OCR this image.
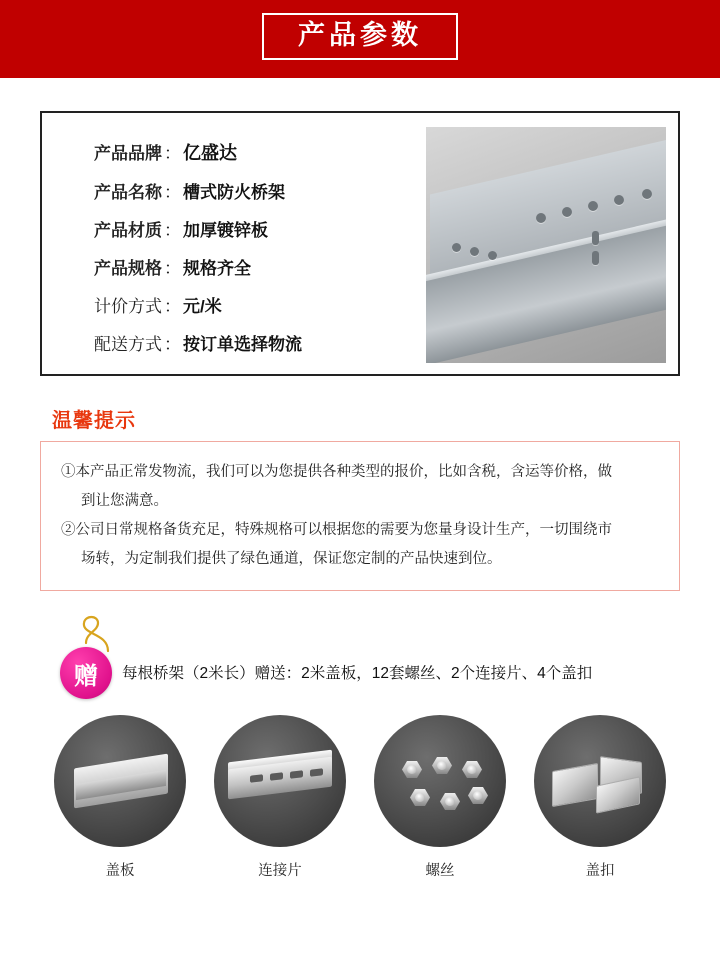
产品参数
产品品牌 ： 亿盛达
产品名称 ： 槽式防火桥架
产品材质 ： 加厚镀锌板
产品规格 ： 规格齐全
计价方式 ： 元/米
配送方式 ： 按订单选择物流
温馨提示
①本产品正常发物流，我们可以为您提供各种类型的报价，比如含税，含运等价格，做
到让您满意。
②公司日常规格备货充足，特殊规格可以根据您的需要为您量身设计生产，一切围绕市
场转，为定制我们提供了绿色通道，保证您定制的产品快速到位。
赠	每根桥架（2米长）赠送：2米盖板，12套螺丝、2个连接片、4个盖扣
盖板	连接片	螺丝	盖扣
